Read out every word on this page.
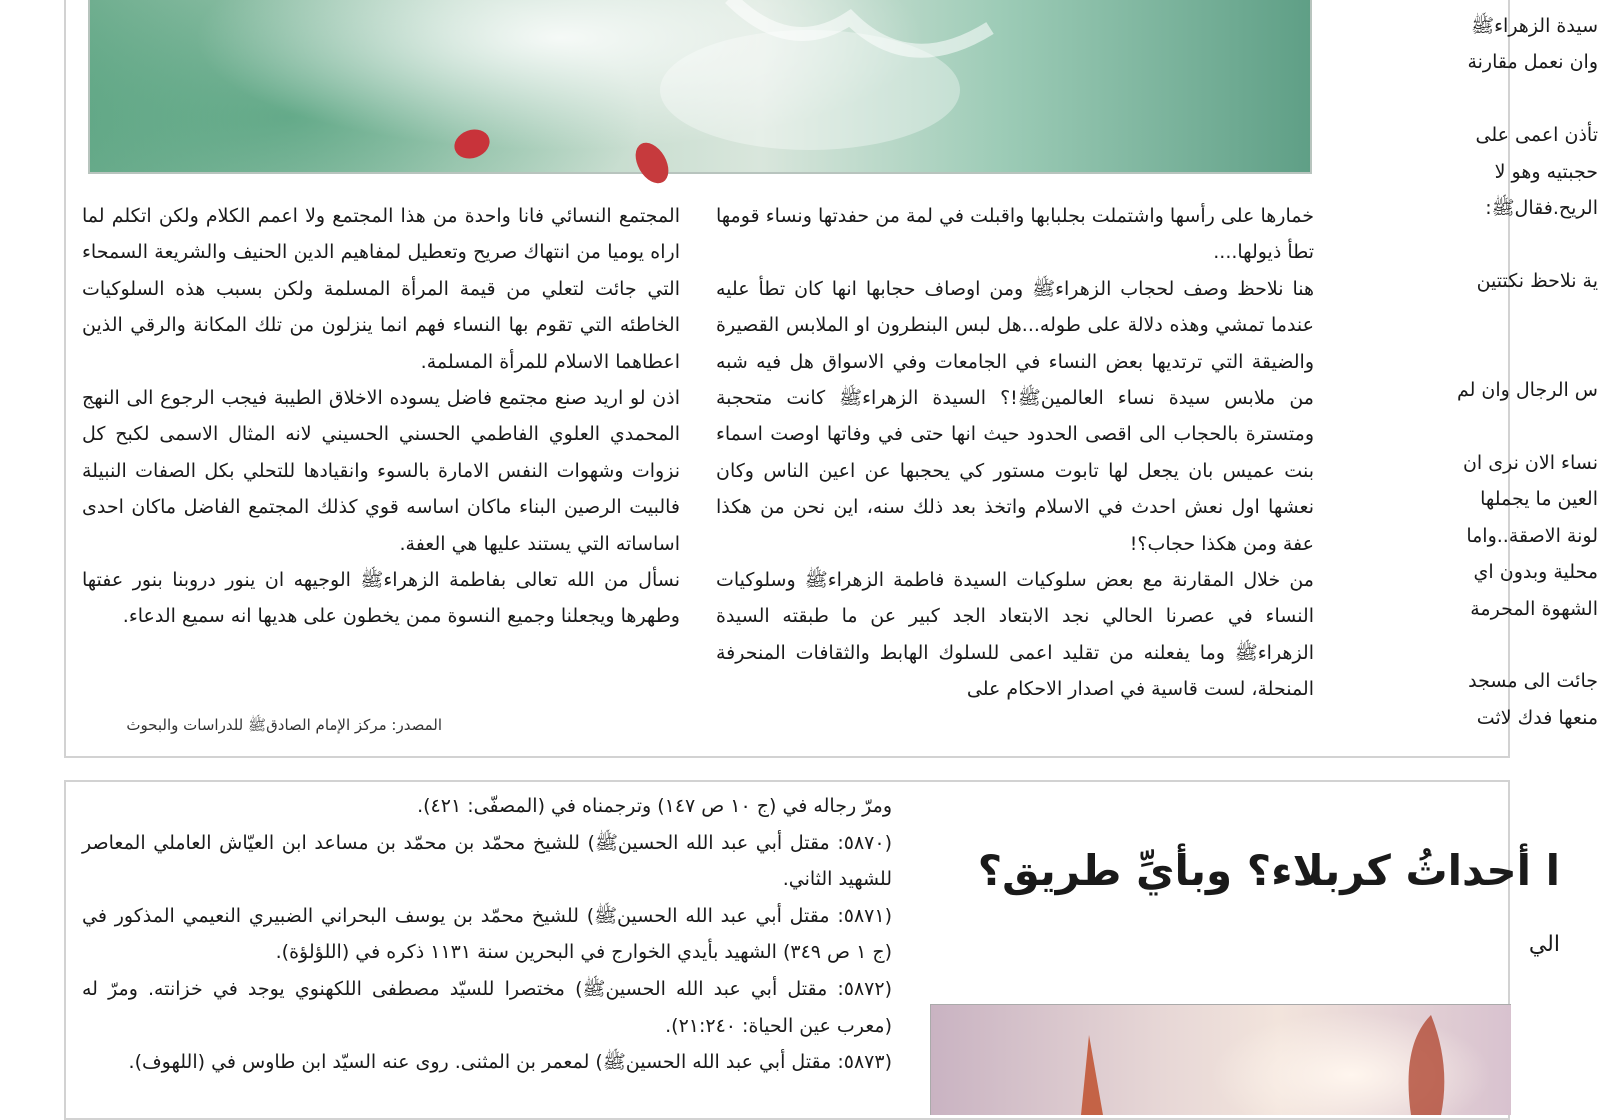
سيدة الزهراءﷺ

وان نعمل مقارنة

تأذن اعمى على

حجبتيه وهو لا

الريح.فقالﷺ:

ية نلاحظ نكتتين

س الرجال وان لم

نساء الان نرى ان

العين ما يجملها

لونة الاصقة..واما

محلية وبدون اي

الشهوة المحرمة

جائت الى مسجد

منعها فدك لاثت

خمارها على رأسها واشتملت بجلبابها واقبلت في لمة من حفدتها ونساء قومها تطأ ذيولها....

هنا نلاحظ وصف لحجاب الزهراءﷺ ومن اوصاف حجابها انها كان تطأ عليه عندما تمشي وهذه دلالة على طوله...هل لبس البنطرون او الملابس القصيرة والضيقة التي ترتديها بعض النساء في الجامعات وفي الاسواق هل فيه شبه من ملابس سيدة نساء العالمينﷺ!؟ السيدة الزهراءﷺ كانت متحجبة ومتسترة بالحجاب الى اقصى الحدود حيث انها حتى في وفاتها اوصت اسماء بنت عميس بان يجعل لها تابوت مستور كي يحجبها عن اعين الناس وكان نعشها اول نعش احدث في الاسلام واتخذ بعد ذلك سنه، اين نحن من هكذا عفة ومن هكذا حجاب؟!

من خلال المقارنة مع بعض سلوكيات السيدة فاطمة الزهراءﷺ وسلوكيات النساء في عصرنا الحالي نجد الابتعاد الجد كبير عن ما طبقته السيدة الزهراءﷺ وما يفعلنه من تقليد اعمى للسلوك الهابط والثقافات المنحرفة المنحلة، لست قاسية في اصدار الاحكام على

المجتمع النسائي فانا واحدة من هذا المجتمع ولا اعمم الكلام ولكن اتكلم لما اراه يوميا من انتهاك صريح وتعطيل لمفاهيم الدين الحنيف والشريعة السمحاء التي جائت لتعلي من قيمة المرأة المسلمة ولكن بسبب هذه السلوكيات الخاطئه التي تقوم بها النساء فهم انما ينزلون من تلك المكانة والرقي الذين اعطاهما الاسلام للمرأة المسلمة.

اذن لو اريد صنع مجتمع فاضل يسوده الاخلاق الطيبة فيجب الرجوع الى النهج المحمدي العلوي الفاطمي الحسني الحسيني لانه المثال الاسمى لكبح كل نزوات وشهوات النفس الامارة بالسوء وانقيادها للتحلي بكل الصفات النبيلة فالبيت الرصين البناء ماكان اساسه قوي كذلك المجتمع الفاضل ماكان احدى اساساته التي يستند عليها هي العفة.

نسأل من الله تعالى بفاطمة الزهراءﷺ الوجيهه ان ينور دروبنا بنور عفتها وطهرها ويجعلنا وجميع النسوة ممن يخطون على هديها انه سميع الدعاء.

المصدر: مركز الإمام الصادقﷺ للدراسات والبحوث

ومرّ رجاله في (ج ١٠ ص ١٤٧) وترجمناه في (المصفّى: ٤٢١).

(٥٨٧٠: مقتل أبي عبد الله الحسينﷺ) للشيخ محمّد بن محمّد بن مساعد ابن العيّاش العاملي المعاصر للشهيد الثاني.

(٥٨٧١: مقتل أبي عبد الله الحسينﷺ) للشيخ محمّد بن يوسف البحراني الضبيري النعيمي المذكور في (ج ١ ص ٣٤٩) الشهيد بأيدي الخوارج في البحرين سنة ١١٣١ ذكره في (اللؤلؤة).

(٥٨٧٢: مقتل أبي عبد الله الحسينﷺ) مختصرا للسيّد مصطفى اللكهنوي يوجد في خزانته. ومرّ له (معرب عين الحياة: ٢١:٢٤٠).

(٥٨٧٣: مقتل أبي عبد الله الحسينﷺ) لمعمر بن المثنى. روى عنه السيّد ابن طاوس في (اللهوف).

ا أحداثُ كربلاء؟ وبأيِّ طريق؟

الي
